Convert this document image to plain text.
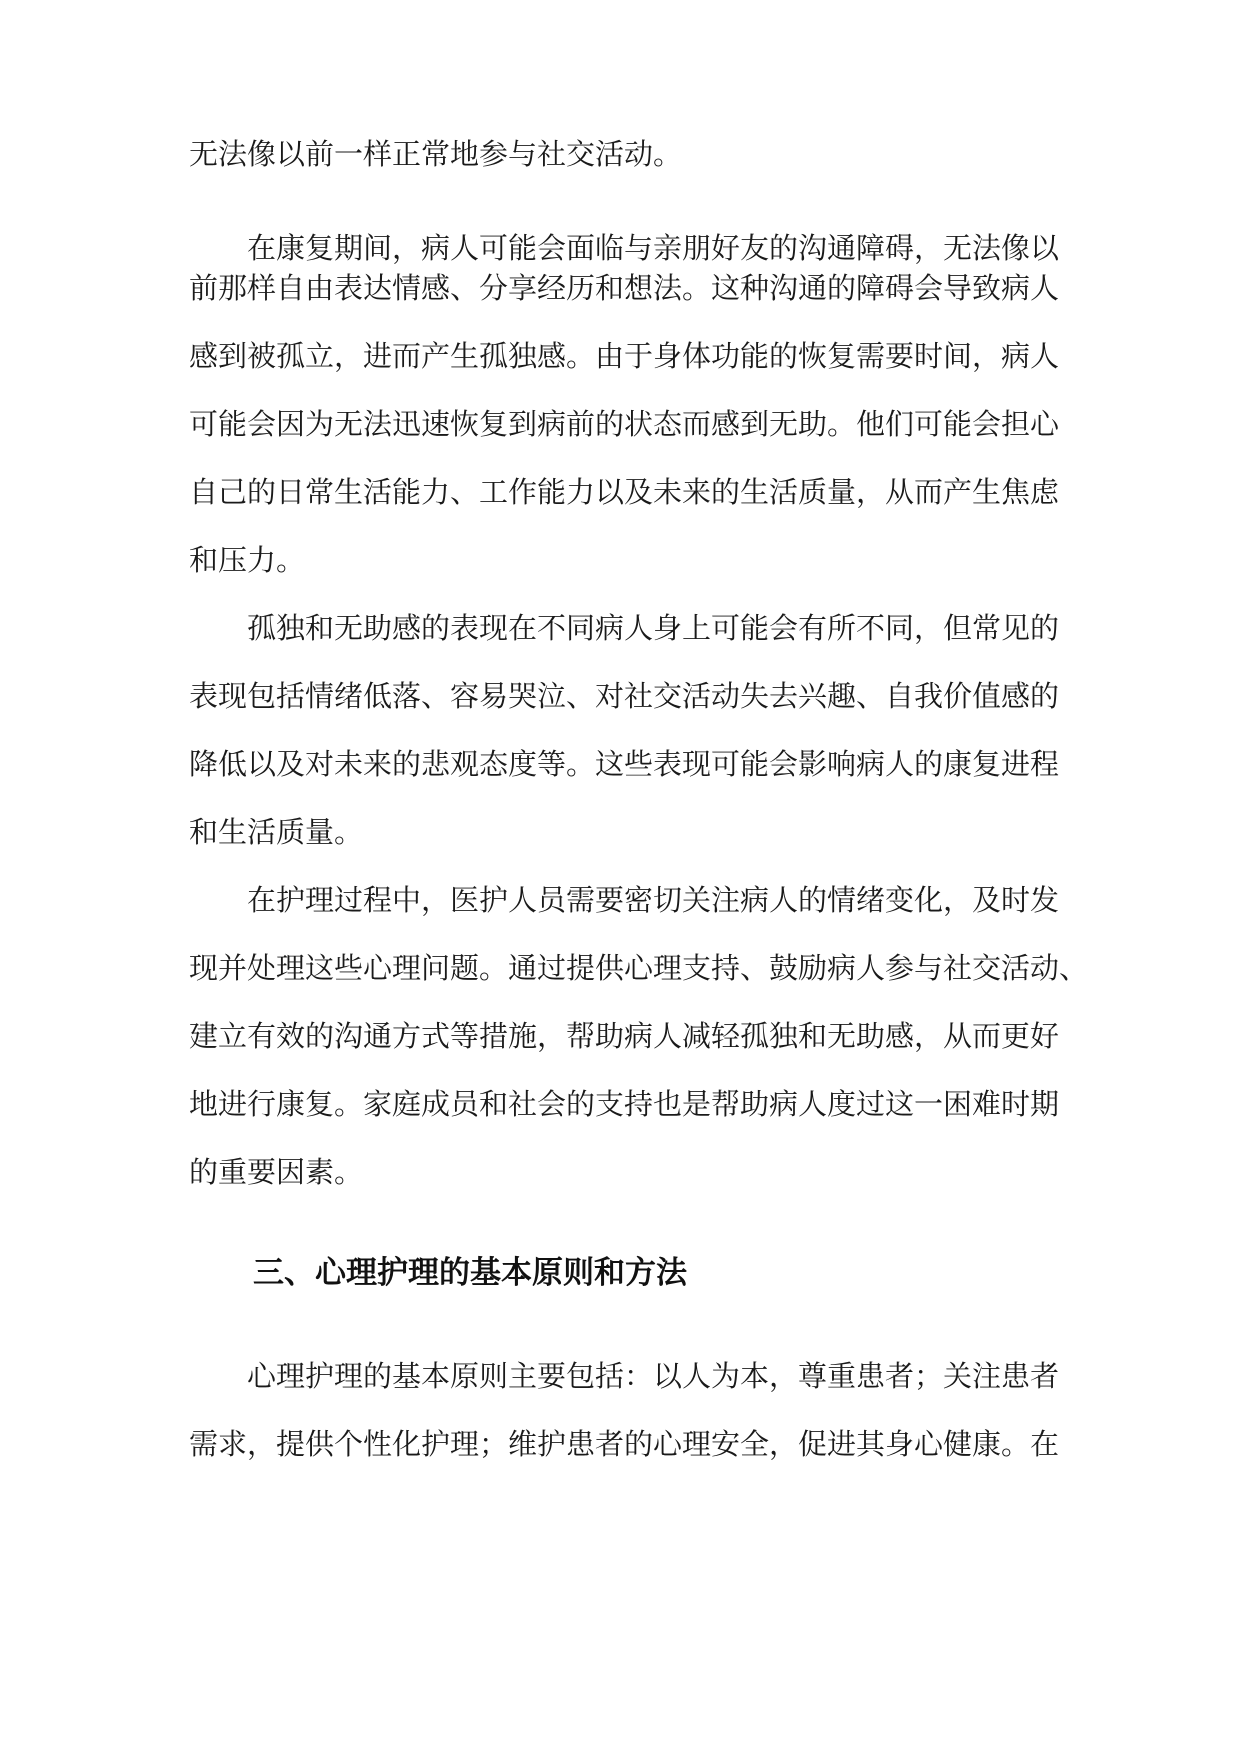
无法像以前一样正常地参与社交活动。
在康复期间，病人可能会面临与亲朋好友的沟通障碍，无法像以
前那样自由表达情感、分享经历和想法。这种沟通的障碍会导致病人
感到被孤立，进而产生孤独感。由于身体功能的恢复需要时间，病人
可能会因为无法迅速恢复到病前的状态而感到无助。他们可能会担心
自己的日常生活能力、工作能力以及未来的生活质量，从而产生焦虑
和压力。
孤独和无助感的表现在不同病人身上可能会有所不同，但常见的
表现包括情绪低落、容易哭泣、对社交活动失去兴趣、自我价值感的
降低以及对未来的悲观态度等。这些表现可能会影响病人的康复进程
和生活质量。
在护理过程中，医护人员需要密切关注病人的情绪变化，及时发
现并处理这些心理问题。通过提供心理支持、鼓励病人参与社交活动、
建立有效的沟通方式等措施，帮助病人减轻孤独和无助感，从而更好
地进行康复。家庭成员和社会的支持也是帮助病人度过这一困难时期
的重要因素。
三、心理护理的基本原则和方法
心理护理的基本原则主要包括：以人为本，尊重患者；关注患者
需求，提供个性化护理；维护患者的心理安全，促进其身心健康。在
